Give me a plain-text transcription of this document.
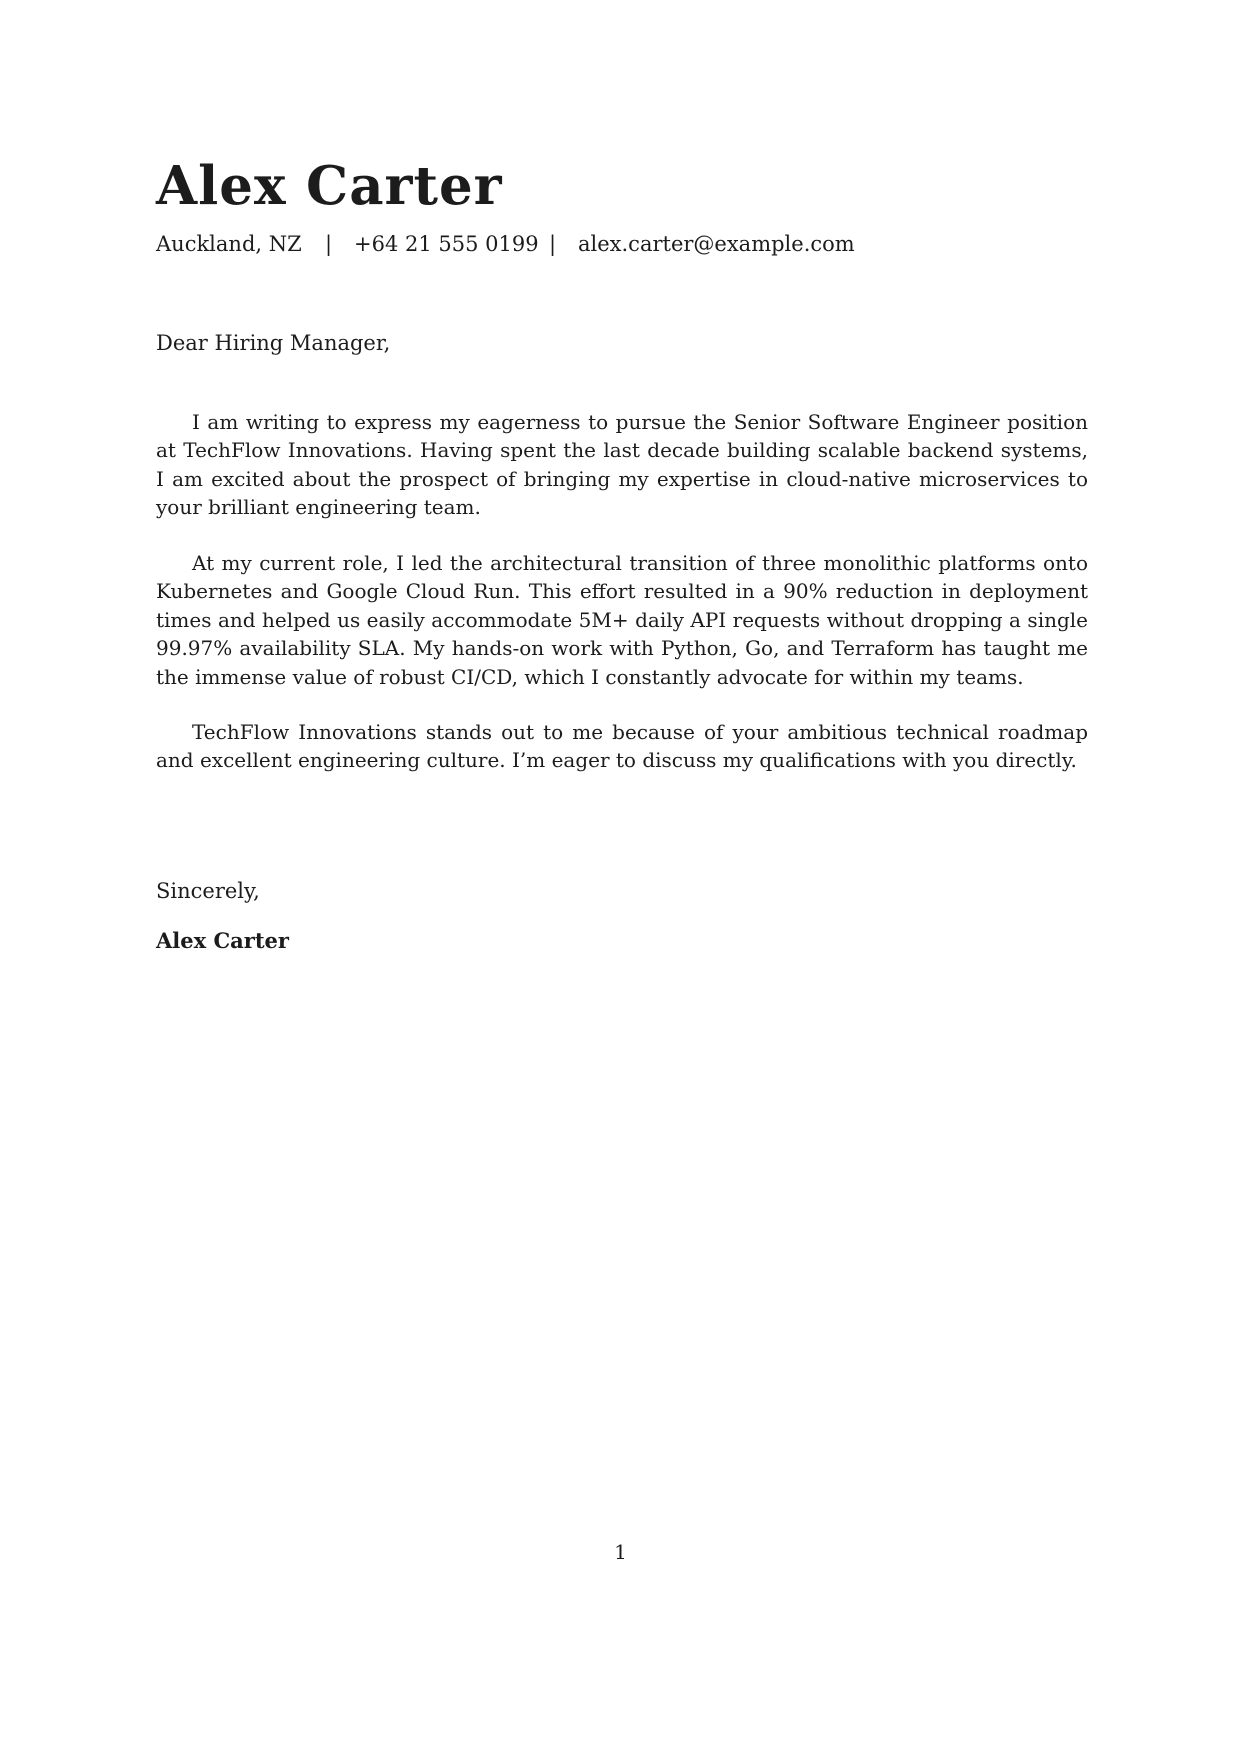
Alex Carter
Auckland, NZ | +64 21 555 0199 | alex.carter@example.com
Dear Hiring Manager,

I am writing to express my eagerness to pursue the Senior Software Engineer position at TechFlow Innovations. Having spent the last decade building scalable backend systems, I am excited about the prospect of bringing my expertise in cloud-native microservices to your brilliant engineering team.

At my current role, I led the architectural transition of three monolithic platforms onto Kubernetes and Google Cloud Run. This effort resulted in a 90% reduction in deployment times and helped us easily accommodate 5M+ daily API requests without dropping a single 99.97% availability SLA. My hands-on work with Python, Go, and Terraform has taught me the immense value of robust CI/CD, which I constantly advocate for within my teams.

TechFlow Innovations stands out to me because of your ambitious technical roadmap and excellent engineering culture. I’m eager to discuss my qualifications with you directly.

Sincerely,
Alex Carter
1
